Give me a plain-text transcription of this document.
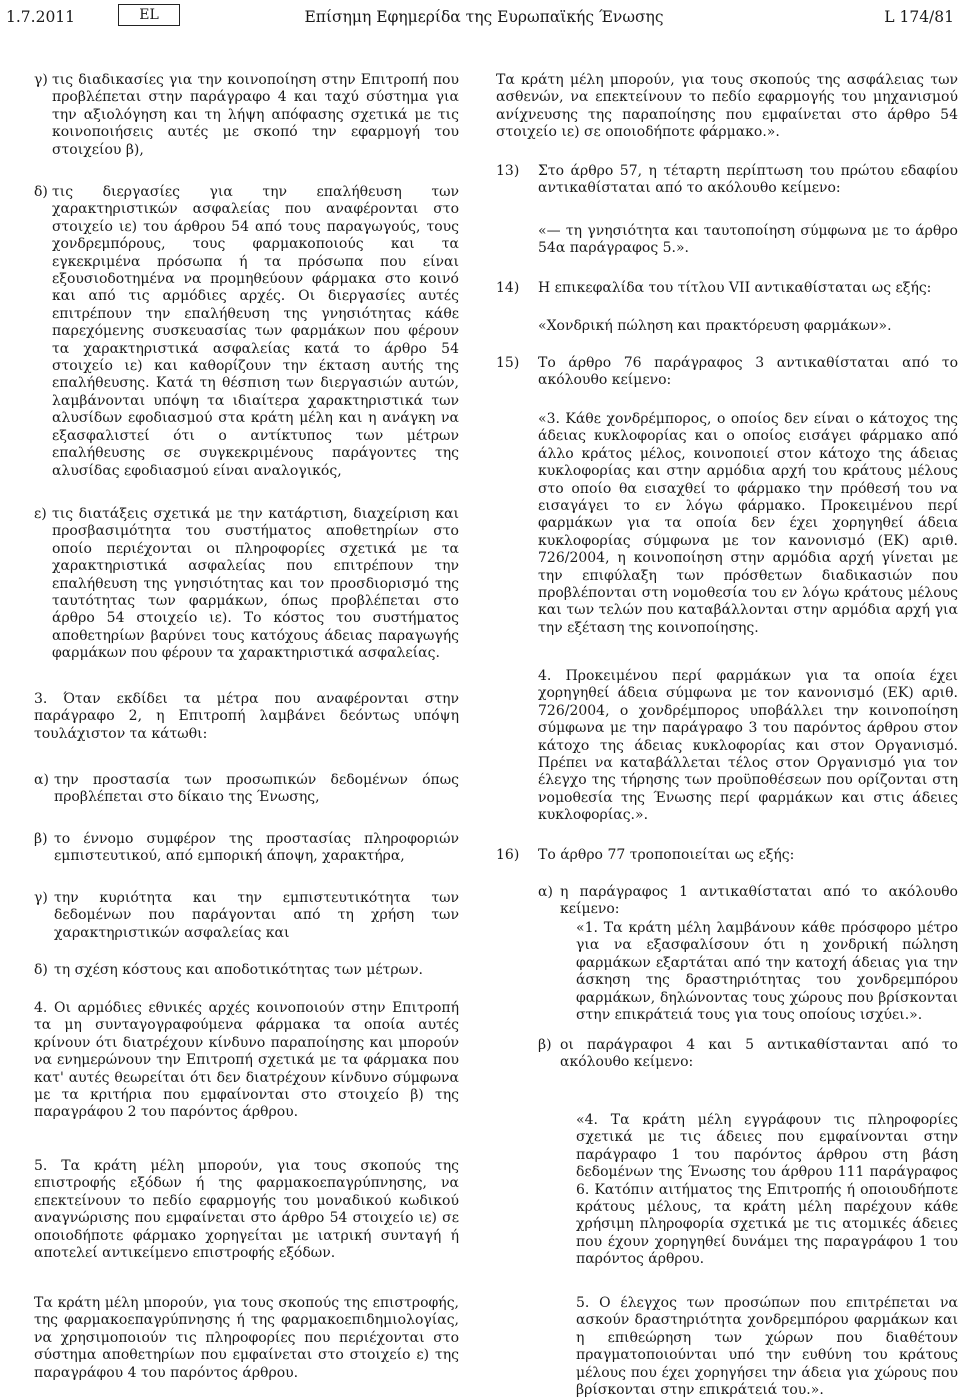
1.7.2011	EL	Επίσημη Εφημερίδα της Ευρωπαϊκής Ένωσης	L 174/81

γ) τις διαδικασίες για την κοινοποίηση στην Επιτροπή που προβλέπεται στην παράγραφο 4 και ταχύ σύστημα για την αξιολόγηση και τη λήψη απόφασης σχετικά με τις κοινοποιήσεις αυτές με σκοπό την εφαρμογή του στοιχείου β),

δ) τις διεργασίες για την επαλήθευση των χαρακτηριστικών ασφαλείας που αναφέρονται στο στοιχείο ιε) του άρθρου 54 από τους παραγωγούς, τους χονδρεμπόρους, τους φαρμακοποιούς και τα εγκεκριμένα πρόσωπα ή τα πρόσωπα που είναι εξουσιοδοτημένα να προμηθεύουν φάρμακα στο κοινό και από τις αρμόδιες αρχές. Οι διεργασίες αυτές επιτρέπουν την επαλήθευση της γνησιότητας κάθε παρεχόμενης συσκευασίας των φαρμάκων που φέρουν τα χαρακτηριστικά ασφαλείας κατά το άρθρο 54 στοιχείο ιε) και καθορίζουν την έκταση αυτής της επαλήθευσης. Κατά τη θέσπιση των διεργασιών αυτών, λαμβάνονται υπόψη τα ιδιαίτερα χαρακτηριστικά των αλυσίδων εφοδιασμού στα κράτη μέλη και η ανάγκη να εξασφαλιστεί ότι ο αντίκτυπος των μέτρων επαλήθευσης σε συγκεκριμένους παράγοντες της αλυσίδας εφοδιασμού είναι αναλογικός,

ε) τις διατάξεις σχετικά με την κατάρτιση, διαχείριση και προσβασιμότητα του συστήματος αποθετηρίων στο οποίο περιέχονται οι πληροφορίες σχετικά με τα χαρακτηριστικά ασφαλείας που επιτρέπουν την επαλήθευση της γνησιότητας και τον προσδιορισμό της ταυτότητας των φαρμάκων, όπως προβλέπεται στο άρθρο 54 στοιχείο ιε). Το κόστος του συστήματος αποθετηρίων βαρύνει τους κατόχους άδειας παραγωγής φαρμάκων που φέρουν τα χαρακτηριστικά ασφαλείας.

3. Όταν εκδίδει τα μέτρα που αναφέρονται στην παράγραφο 2, η Επιτροπή λαμβάνει δεόντως υπόψη τουλάχιστον τα κάτωθι:

α) την προστασία των προσωπικών δεδομένων όπως προβλέπεται στο δίκαιο της Ένωσης,

β) το έννομο συμφέρον της προστασίας πληροφοριών εμπιστευτικού, από εμπορική άποψη, χαρακτήρα,

γ) την κυριότητα και την εμπιστευτικότητα των δεδομένων που παράγονται από τη χρήση των χαρακτηριστικών ασφαλείας και

δ) τη σχέση κόστους και αποδοτικότητας των μέτρων.

4. Οι αρμόδιες εθνικές αρχές κοινοποιούν στην Επιτροπή τα μη συνταγογραφούμενα φάρμακα τα οποία αυτές κρίνουν ότι διατρέχουν κίνδυνο παραποίησης και μπορούν να ενημερώνουν την Επιτροπή σχετικά με τα φάρμακα που κατ' αυτές θεωρείται ότι δεν διατρέχουν κίνδυνο σύμφωνα με τα κριτήρια που εμφαίνονται στο στοιχείο β) της παραγράφου 2 του παρόντος άρθρου.

5. Τα κράτη μέλη μπορούν, για τους σκοπούς της επιστροφής εξόδων ή της φαρμακοεπαγρύπνησης, να επεκτείνουν το πεδίο εφαρμογής του μοναδικού κωδικού αναγνώρισης που εμφαίνεται στο άρθρο 54 στοιχείο ιε) σε οποιοδήποτε φάρμακο χορηγείται με ιατρική συνταγή ή αποτελεί αντικείμενο επιστροφής εξόδων.

Τα κράτη μέλη μπορούν, για τους σκοπούς της επιστροφής, της φαρμακοεπαγρύπνησης ή της φαρμακοεπιδημιολογίας, να χρησιμοποιούν τις πληροφορίες που περιέχονται στο σύστημα αποθετηρίων που εμφαίνεται στο στοιχείο ε) της παραγράφου 4 του παρόντος άρθρου.

Τα κράτη μέλη μπορούν, για τους σκοπούς της ασφάλειας των ασθενών, να επεκτείνουν το πεδίο εφαρμογής του μηχανισμού ανίχνευσης της παραποίησης που εμφαίνεται στο άρθρο 54 στοιχείο ιε) σε οποιοδήποτε φάρμακο.».

13)	Στο άρθρο 57, η τέταρτη περίπτωση του πρώτου εδαφίου αντικαθίσταται από το ακόλουθο κείμενο:

«— τη γνησιότητα και ταυτοποίηση σύμφωνα με το άρθρο 54α παράγραφος 5.».

14)	Η επικεφαλίδα του τίτλου VII αντικαθίσταται ως εξής:

«Χονδρική πώληση και πρακτόρευση φαρμάκων».

15)	Το άρθρο 76 παράγραφος 3 αντικαθίσταται από το ακόλουθο κείμενο:

«3. Κάθε χονδρέμπορος, ο οποίος δεν είναι ο κάτοχος της άδειας κυκλοφορίας και ο οποίος εισάγει φάρμακο από άλλο κράτος μέλος, κοινοποιεί στον κάτοχο της άδειας κυκλοφορίας και στην αρμόδια αρχή του κράτους μέλους στο οποίο θα εισαχθεί το φάρμακο την πρόθεσή του να εισαγάγει το εν λόγω φάρμακο. Προκειμένου περί φαρμάκων για τα οποία δεν έχει χορηγηθεί άδεια κυκλοφορίας σύμφωνα με τον κανονισμό (ΕΚ) αριθ. 726/2004, η κοινοποίηση στην αρμόδια αρχή γίνεται με την επιφύλαξη των πρόσθετων διαδικασιών που προβλέπονται στη νομοθεσία του εν λόγω κράτους μέλους και των τελών που καταβάλλονται στην αρμόδια αρχή για την εξέταση της κοινοποίησης.

4. Προκειμένου περί φαρμάκων για τα οποία έχει χορηγηθεί άδεια σύμφωνα με τον κανονισμό (ΕΚ) αριθ. 726/2004, ο χονδρέμπορος υποβάλλει την κοινοποίηση σύμφωνα με την παράγραφο 3 του παρόντος άρθρου στον κάτοχο της άδειας κυκλοφορίας και στον Οργανισμό. Πρέπει να καταβάλλεται τέλος στον Οργανισμό για τον έλεγχο της τήρησης των προϋποθέσεων που ορίζονται στη νομοθεσία της Ένωσης περί φαρμάκων και στις άδειες κυκλοφορίας.».

16)	Το άρθρο 77 τροποποιείται ως εξής:

α) η παράγραφος 1 αντικαθίσταται από το ακόλουθο κείμενο:

«1. Τα κράτη μέλη λαμβάνουν κάθε πρόσφορο μέτρο για να εξασφαλίσουν ότι η χονδρική πώληση φαρμάκων εξαρτάται από την κατοχή άδειας για την άσκηση της δραστηριότητας του χονδρεμπόρου φαρμάκων, δηλώνοντας τους χώρους που βρίσκονται στην επικράτειά τους για τους οποίους ισχύει.».

β) οι παράγραφοι 4 και 5 αντικαθίστανται από το ακόλουθο κείμενο:

«4. Τα κράτη μέλη εγγράφουν τις πληροφορίες σχετικά με τις άδειες που εμφαίνονται στην παράγραφο 1 του παρόντος άρθρου στη βάση δεδομένων της Ένωσης του άρθρου 111 παράγραφος 6. Κατόπιν αιτήματος της Επιτροπής ή οποιουδήποτε κράτους μέλους, τα κράτη μέλη παρέχουν κάθε χρήσιμη πληροφορία σχετικά με τις ατομικές άδειες που έχουν χορηγηθεί δυνάμει της παραγράφου 1 του παρόντος άρθρου.

5. Ο έλεγχος των προσώπων που επιτρέπεται να ασκούν δραστηριότητα χονδρεμπόρου φαρμάκων και η επιθεώρηση των χώρων που διαθέτουν πραγματοποιούνται υπό την ευθύνη του κράτους μέλους που έχει χορηγήσει την άδεια για χώρους που βρίσκονται στην επικράτειά του.».
